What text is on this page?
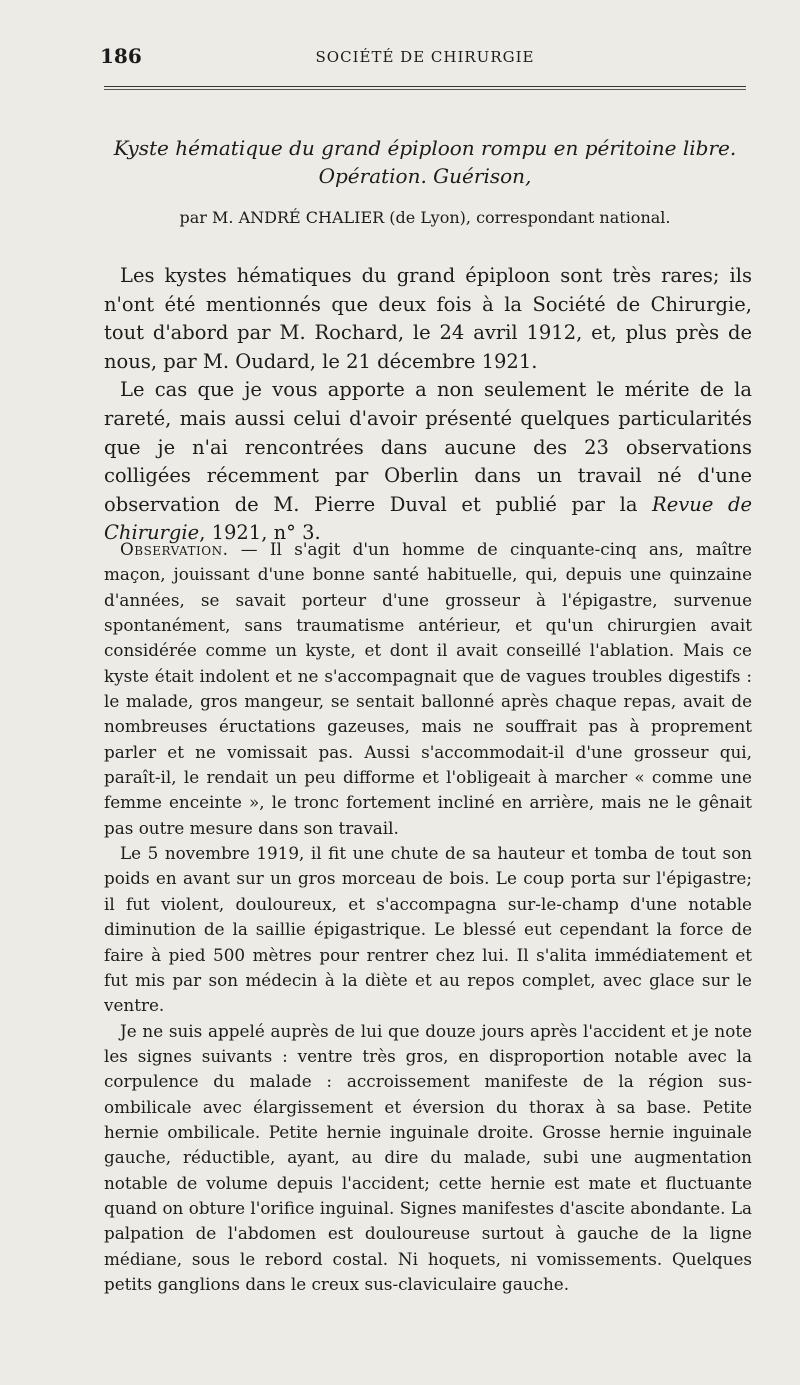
186	SOCIÉTÉ DE CHIRURGIE
Kyste hématique du grand épiploon rompu en péritoine libre.
Opération. Guérison,
par M. ANDRÉ CHALIER (de Lyon), correspondant national.

Les kystes hématiques du grand épiploon sont très rares; ils n'ont été mentionnés que deux fois à la Société de Chirurgie, tout d'abord par M. Rochard, le 24 avril 1912, et, plus près de nous, par M. Oudard, le 21 décembre 1921.

Le cas que je vous apporte a non seulement le mérite de la rareté, mais aussi celui d'avoir présenté quelques particularités que je n'ai rencontrées dans aucune des 23 observations colligées récemment par Oberlin dans un travail né d'une observation de M. Pierre Duval et publié par la Revue de Chirurgie, 1921, n° 3.

Observation. — Il s'agit d'un homme de cinquante-cinq ans, maître maçon, jouissant d'une bonne santé habituelle, qui, depuis une quinzaine d'années, se savait porteur d'une grosseur à l'épigastre, survenue spontanément, sans traumatisme antérieur, et qu'un chirurgien avait considérée comme un kyste, et dont il avait conseillé l'ablation. Mais ce kyste était indolent et ne s'accompagnait que de vagues troubles digestifs : le malade, gros mangeur, se sentait ballonné après chaque repas, avait de nombreuses éructations gazeuses, mais ne souffrait pas à proprement parler et ne vomissait pas. Aussi s'accommodait-il d'une grosseur qui, paraît-il, le rendait un peu difforme et l'obligeait à marcher « comme une femme enceinte », le tronc fortement incliné en arrière, mais ne le gênait pas outre mesure dans son travail.

Le 5 novembre 1919, il fit une chute de sa hauteur et tomba de tout son poids en avant sur un gros morceau de bois. Le coup porta sur l'épigastre; il fut violent, douloureux, et s'accompagna sur-le-champ d'une notable diminution de la saillie épigastrique. Le blessé eut cependant la force de faire à pied 500 mètres pour rentrer chez lui. Il s'alita immédiatement et fut mis par son médecin à la diète et au repos complet, avec glace sur le ventre.

Je ne suis appelé auprès de lui que douze jours après l'accident et je note les signes suivants : ventre très gros, en disproportion notable avec la corpulence du malade : accroissement manifeste de la région sus-ombilicale avec élargissement et éversion du thorax à sa base. Petite hernie ombilicale. Petite hernie inguinale droite. Grosse hernie inguinale gauche, réductible, ayant, au dire du malade, subi une augmentation notable de volume depuis l'accident; cette hernie est mate et fluctuante quand on obture l'orifice inguinal. Signes manifestes d'ascite abondante. La palpation de l'abdomen est douloureuse surtout à gauche de la ligne médiane, sous le rebord costal. Ni hoquets, ni vomissements. Quelques petits ganglions dans le creux sus-claviculaire gauche.
